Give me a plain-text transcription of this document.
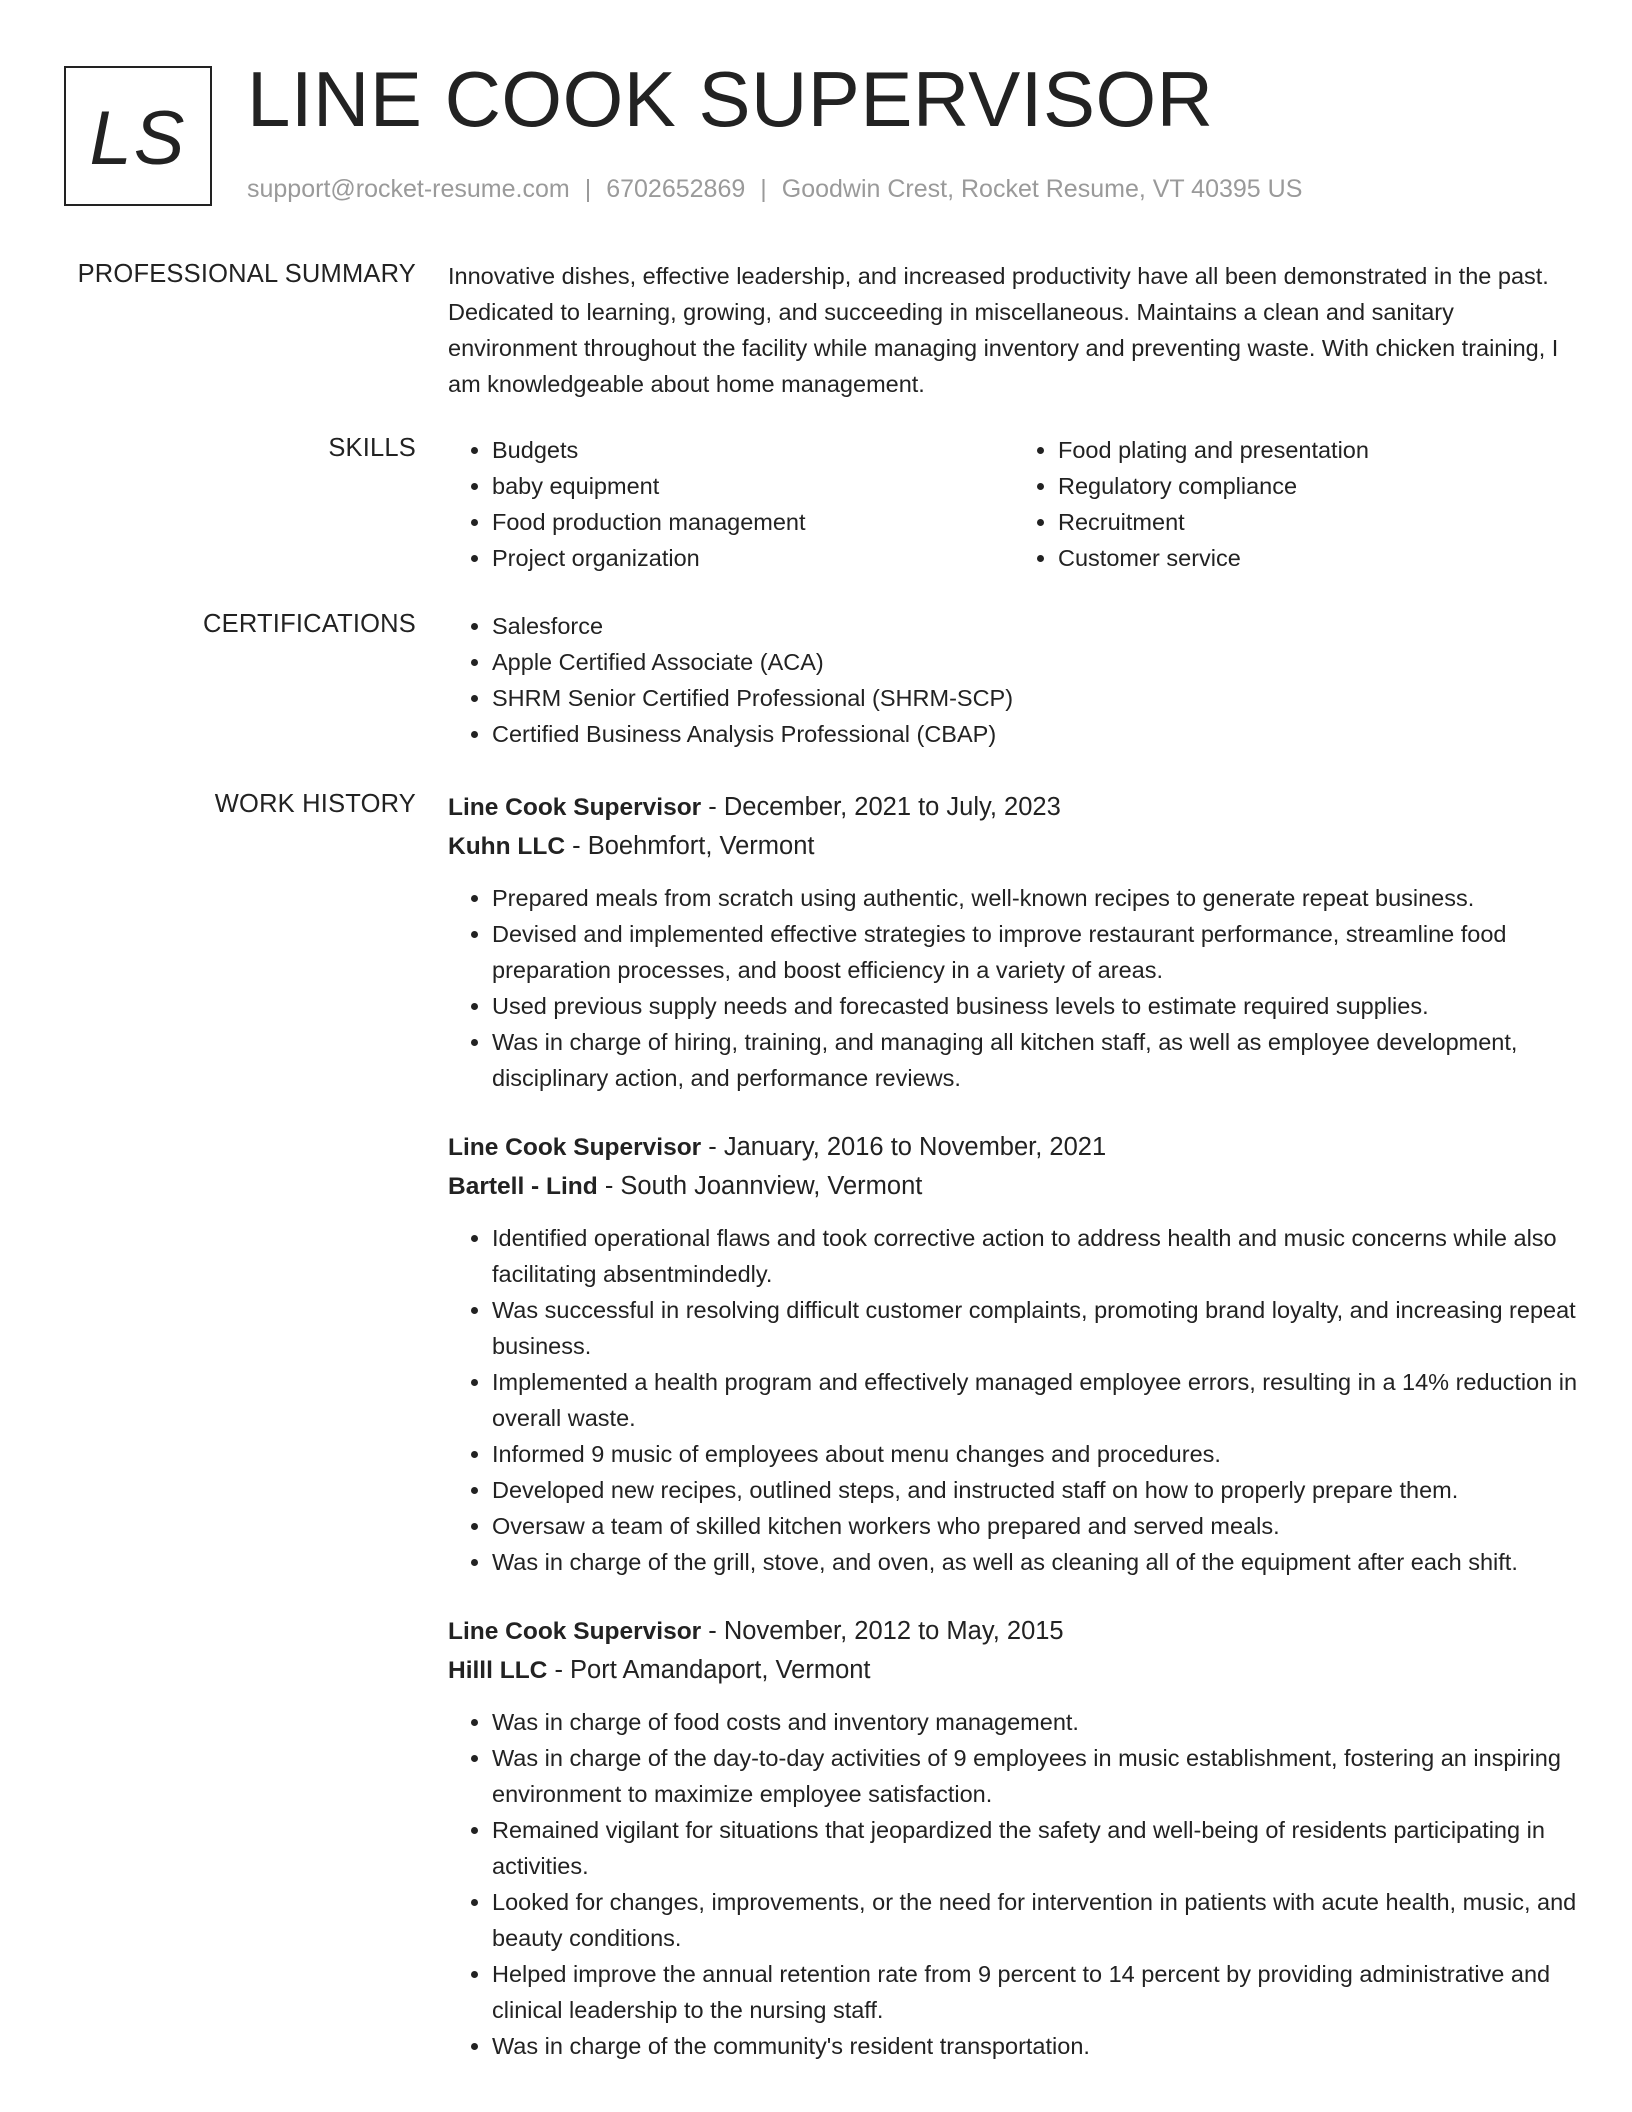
LS LINE COOK SUPERVISOR
support@rocket-resume.com | 6702652869 | Goodwin Crest, Rocket Resume, VT 40395 US
PROFESSIONAL SUMMARY Innovative dishes, effective leadership, and increased productivity have all been demonstrated in the past. Dedicated to learning, growing, and succeeding in miscellaneous. Maintains a clean and sanitary environment throughout the facility while managing inventory and preventing waste. With chicken training, I am knowledgeable about home management.

SKILLS	• Budgets
• baby equipment
• Food production management
• Project organization
• Food plating and presentation
• Regulatory compliance
• Recruitment
• Customer service
CERTIFICATIONS	• Salesforce
• Apple Certified Associate (ACA)
• SHRM Senior Certified Professional (SHRM-SCP)
• Certified Business Analysis Professional (CBAP)
WORK HISTORY Line Cook Supervisor - December, 2021 to July, 2023
Kuhn LLC - Boehmfort, Vermont
• Prepared meals from scratch using authentic, well-known recipes to generate repeat business.
• Devised and implemented effective strategies to improve restaurant performance, streamline food preparation processes, and boost efficiency in a variety of areas.
• Used previous supply needs and forecasted business levels to estimate required supplies.
• Was in charge of hiring, training, and managing all kitchen staff, as well as employee development, disciplinary action, and performance reviews.
Line Cook Supervisor - January, 2016 to November, 2021
Bartell - Lind - South Joannview, Vermont
• Identified operational flaws and took corrective action to address health and music concerns while also facilitating absentmindedly.
• Was successful in resolving difficult customer complaints, promoting brand loyalty, and increasing repeat business.
• Implemented a health program and effectively managed employee errors, resulting in a 14% reduction in overall waste.
• Informed 9 music of employees about menu changes and procedures.
• Developed new recipes, outlined steps, and instructed staff on how to properly prepare them.
• Oversaw a team of skilled kitchen workers who prepared and served meals.
• Was in charge of the grill, stove, and oven, as well as cleaning all of the equipment after each shift.
Line Cook Supervisor - November, 2012 to May, 2015
Hilll LLC - Port Amandaport, Vermont
• Was in charge of food costs and inventory management.
• Was in charge of the day-to-day activities of 9 employees in music establishment, fostering an inspiring environment to maximize employee satisfaction.
• Remained vigilant for situations that jeopardized the safety and well-being of residents participating in activities.
• Looked for changes, improvements, or the need for intervention in patients with acute health, music, and beauty conditions.
• Helped improve the annual retention rate from 9 percent to 14 percent by providing administrative and clinical leadership to the nursing staff.
• Was in charge of the community's resident transportation.
